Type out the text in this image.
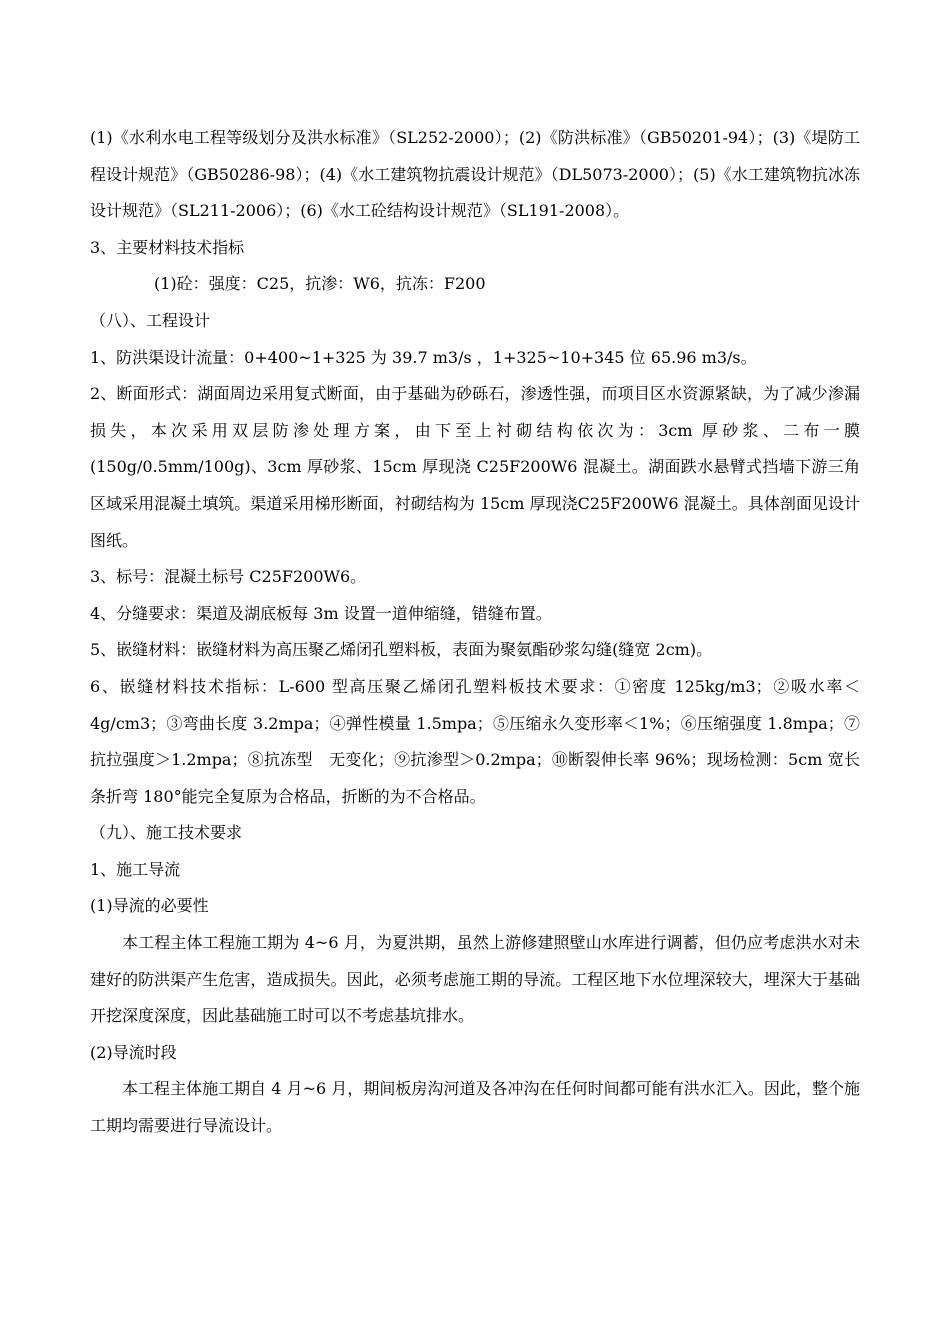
(1)《水利水电工程等级划分及洪水标准》（SL252-2000）；(2)《防洪标准》（GB50201-94）；(3)《堤防工程设计规范》（GB50286-98）；(4)《水工建筑物抗震设计规范》（DL5073-2000）；(5)《水工建筑物抗冰冻设计规范》（SL211-2006）；(6)《水工砼结构设计规范》（SL191-2008）。

3、主要材料技术指标

(1)砼：强度：C25，抗渗：W6，抗冻：F200

（八）、工程设计

1、防洪渠设计流量：0+400~1+325 为 39.7 m3/s ，1+325~10+345 位 65.96 m3/s。

2、断面形式：湖面周边采用复式断面，由于基础为砂砾石，渗透性强，而项目区水资源紧缺，为了减少渗漏损失，本次采用双层防渗处理方案，由下至上衬砌结构依次为：3cm 厚砂浆、二布一膜(150g/0.5mm/100g)、3cm 厚砂浆、15cm 厚现浇 C25F200W6 混凝土。湖面跌水悬臂式挡墙下游三角区域采用混凝土填筑。渠道采用梯形断面，衬砌结构为 15cm 厚现浇C25F200W6 混凝土。具体剖面见设计图纸。

3、标号：混凝土标号 C25F200W6。

4、分缝要求：渠道及湖底板每 3m 设置一道伸缩缝，错缝布置。

5、嵌缝材料：嵌缝材料为高压聚乙烯闭孔塑料板，表面为聚氨酯砂浆勾缝(缝宽 2cm)。

6、嵌缝材料技术指标：L-600 型高压聚乙烯闭孔塑料板技术要求：①密度 125kg/m3；②吸水率＜4g/cm3；③弯曲长度 3.2mpa；④弹性模量 1.5mpa；⑤压缩永久变形率＜1%；⑥压缩强度 1.8mpa；⑦抗拉强度＞1.2mpa；⑧抗冻型　无变化；⑨抗渗型＞0.2mpa；⑩断裂伸长率 96%；现场检测：5cm 宽长条折弯 180°能完全复原为合格品，折断的为不合格品。

（九）、施工技术要求

1、施工导流

(1)导流的必要性

本工程主体工程施工期为 4~6 月，为夏洪期，虽然上游修建照壁山水库进行调蓄，但仍应考虑洪水对未建好的防洪渠产生危害，造成损失。因此，必须考虑施工期的导流。工程区地下水位埋深较大，埋深大于基础开挖深度深度，因此基础施工时可以不考虑基坑排水。

(2)导流时段

本工程主体施工期自 4 月~6 月，期间板房沟河道及各冲沟在任何时间都可能有洪水汇入。因此，整个施工期均需要进行导流设计。
